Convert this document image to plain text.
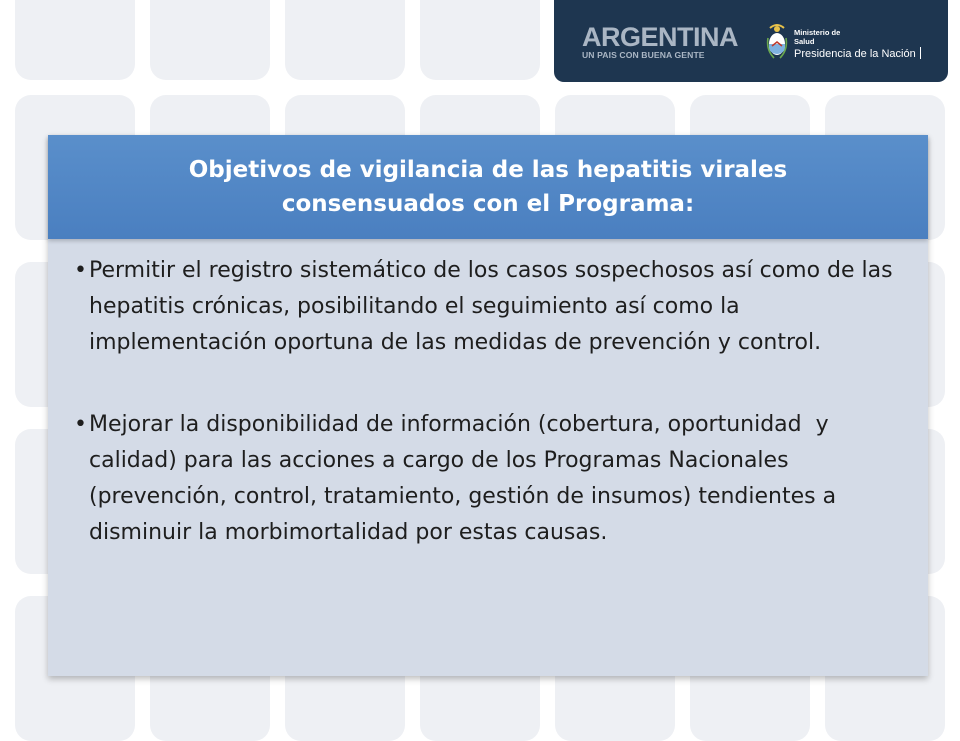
ARGENTINA
UN PAIS CON BUENA GENTE
Ministerio de
Salud
Presidencia de la Nación
Objetivos de vigilancia de las hepatitis virales
consensuados con el Programa:
• Permitir el registro sistemático de los casos sospechosos así como de las hepatitis crónicas, posibilitando el seguimiento así como la implementación oportuna de las medidas de prevención y control.
• Mejorar la disponibilidad de información (cobertura, oportunidad  y calidad) para las acciones a cargo de los Programas Nacionales (prevención, control, tratamiento, gestión de insumos) tendientes a disminuir la morbimortalidad por estas causas.
